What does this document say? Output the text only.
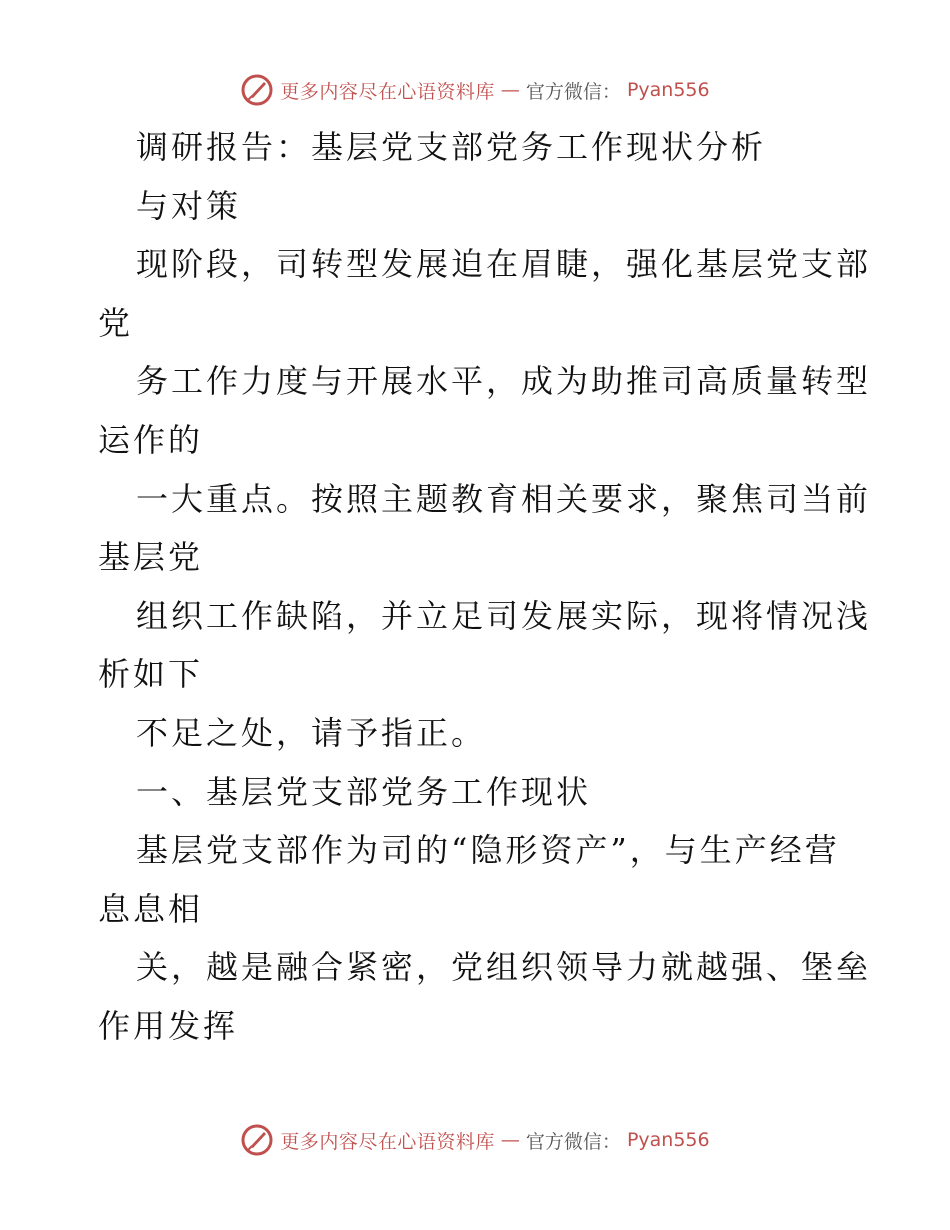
更多内容尽在心语资料库 — 官方微信： Pyan556
调研报告：基层党支部党务工作现状分析
与对策
现阶段，司转型发展迫在眉睫，强化基层党支部
党
务工作力度与开展水平，成为助推司高质量转型
运作的
一大重点。按照主题教育相关要求，聚焦司当前
基层党
组织工作缺陷，并立足司发展实际，现将情况浅
析如下
不足之处，请予指正。
一、基层党支部党务工作现状
基层党支部作为司的“隐形资产”，与生产经营
息息相
关，越是融合紧密，党组织领导力就越强、堡垒
作用发挥
更多内容尽在心语资料库 — 官方微信： Pyan556
